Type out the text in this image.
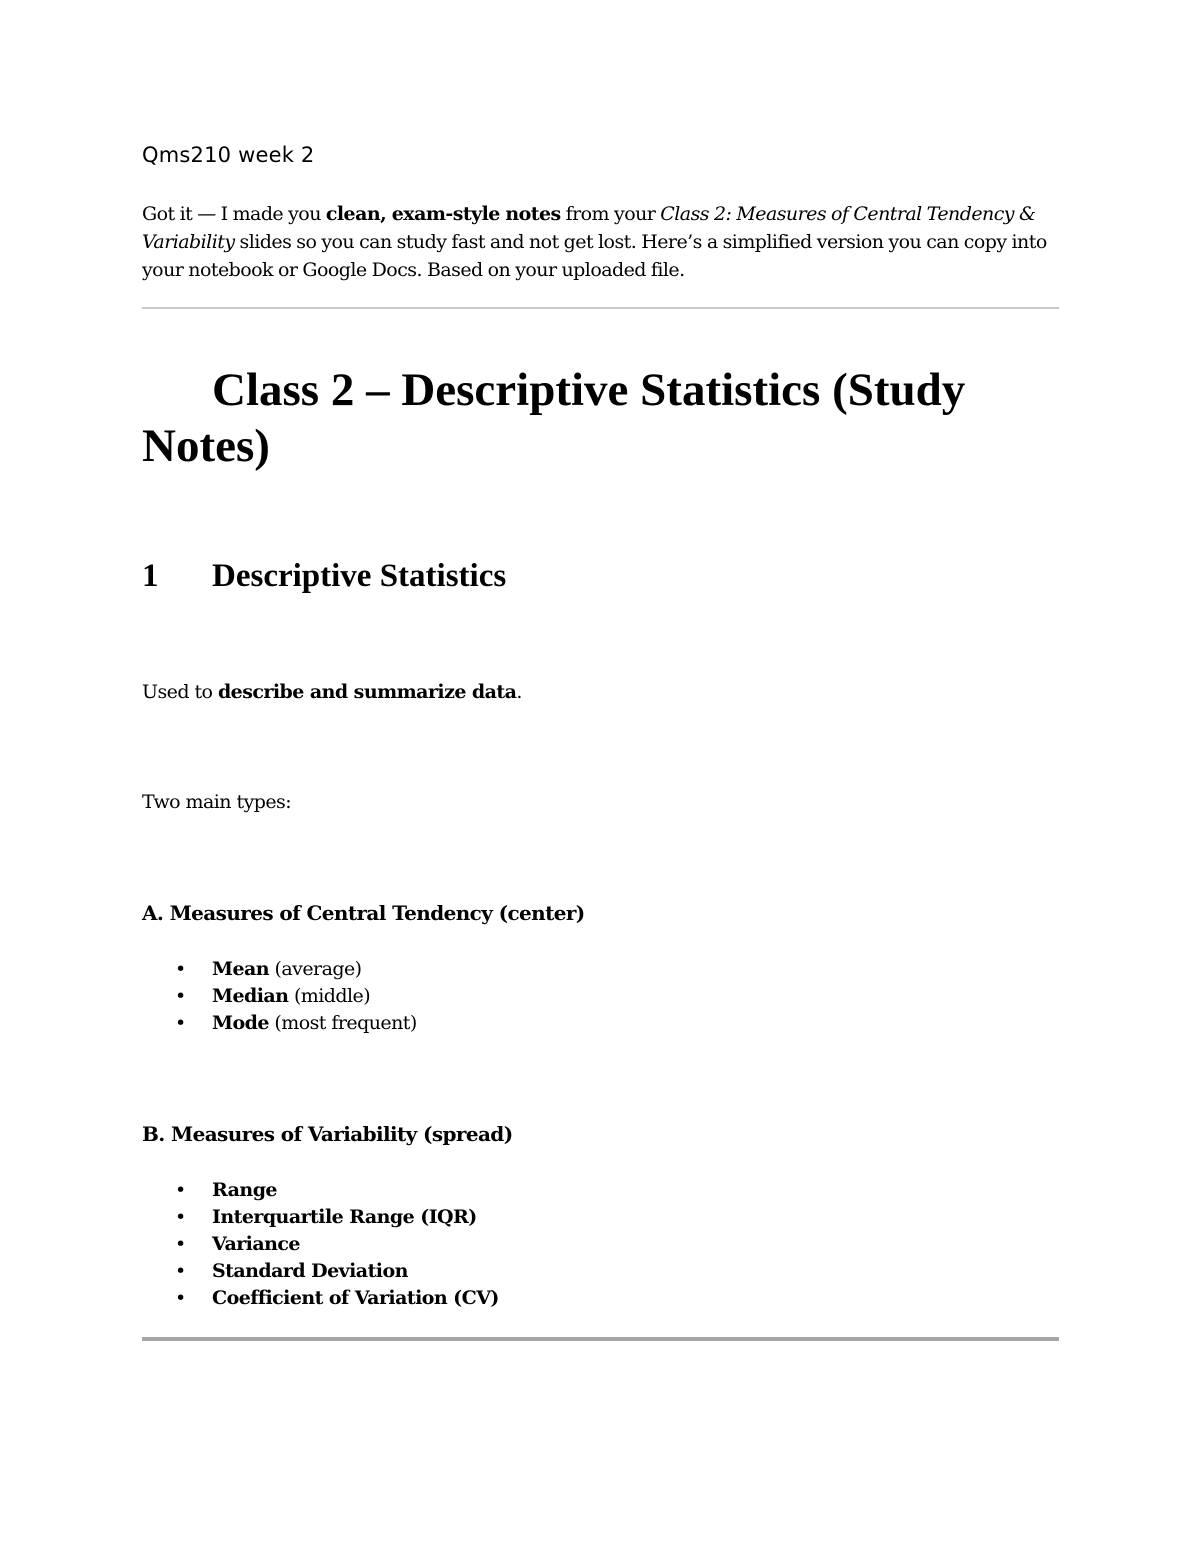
Qms210 week 2

Got it — I made you clean, exam-style notes from your Class 2: Measures of Central Tendency & Variability slides so you can study fast and not get lost. Here’s a simplified version you can copy into your notebook or Google Docs. Based on your uploaded file.

Class 2 – Descriptive Statistics (Study Notes)
1 Descriptive Statistics

Used to describe and summarize data.

Two main types:

A. Measures of Central Tendency (center)
• Mean (average)
• Median (middle)
• Mode (most frequent)
B. Measures of Variability (spread)
• Range
• Interquartile Range (IQR)
• Variance
• Standard Deviation
• Coefficient of Variation (CV)
